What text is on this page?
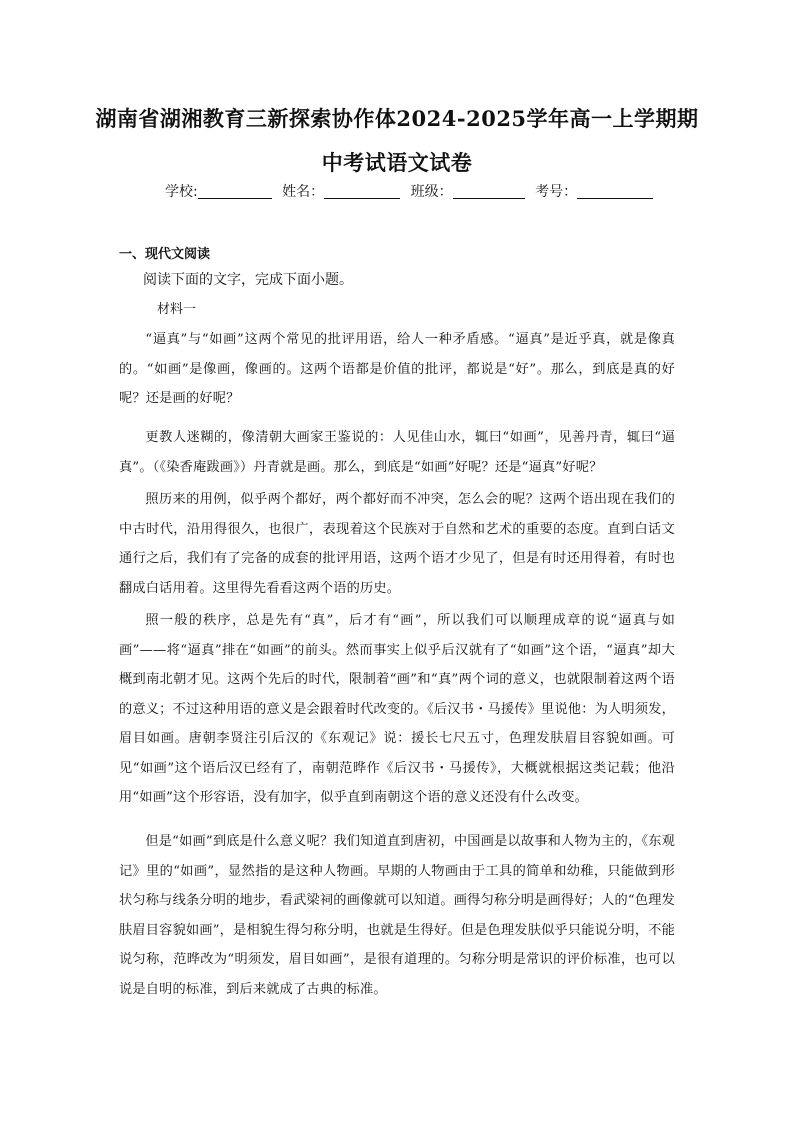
湖南省湖湘教育三新探索协作体2024-2025学年高一上学期期
中考试语文试卷
学校:	姓名：	班级：	考号：
一、现代文阅读

阅读下面的文字，完成下面小题。

材料一

“逼真”与“如画”这两个常见的批评用语，给人一种矛盾感。“逼真”是近乎真，就是像真的。“如画”是像画，像画的。这两个语都是价值的批评，都说是“好”。那么，到底是真的好呢？还是画的好呢？

更教人迷糊的，像清朝大画家王鉴说的：人见佳山水，辄曰“如画”，见善丹青，辄曰“逼真”。（《染香庵跋画》）丹青就是画。那么，到底是“如画”好呢？还是“逼真”好呢？

照历来的用例，似乎两个都好，两个都好而不冲突，怎么会的呢？这两个语出现在我们的中古时代，沿用得很久，也很广，表现着这个民族对于自然和艺术的重要的态度。直到白话文通行之后，我们有了完备的成套的批评用语，这两个语才少见了，但是有时还用得着，有时也翻成白话用着。这里得先看看这两个语的历史。

照一般的秩序，总是先有“真”，后才有“画”，所以我们可以顺理成章的说“逼真与如画”——将“逼真”排在“如画”的前头。然而事实上似乎后汉就有了“如画”这个语，“逼真”却大概到南北朝才见。这两个先后的时代，限制着“画”和“真”两个词的意义，也就限制着这两个语的意义；不过这种用语的意义是会跟着时代改变的。《后汉书・马援传》里说他：为人明须发，眉目如画。唐朝李贤注引后汉的《东观记》说：援长七尺五寸，色理发肤眉目容貌如画。可见“如画”这个语后汉已经有了，南朝范晔作《后汉书・马援传》，大概就根据这类记载；他沿用“如画”这个形容语，没有加字，似乎直到南朝这个语的意义还没有什么改变。

但是“如画”到底是什么意义呢？我们知道直到唐初，中国画是以故事和人物为主的，《东观记》里的“如画”，显然指的是这种人物画。早期的人物画由于工具的简单和幼稚，只能做到形状匀称与线条分明的地步，看武梁祠的画像就可以知道。画得匀称分明是画得好；人的“色理发肤眉目容貌如画”，是相貌生得匀称分明，也就是生得好。但是色理发肤似乎只能说分明，不能说匀称，范晔改为“明须发，眉目如画”，是很有道理的。匀称分明是常识的评价标准，也可以说是自明的标准，到后来就成了古典的标准。
